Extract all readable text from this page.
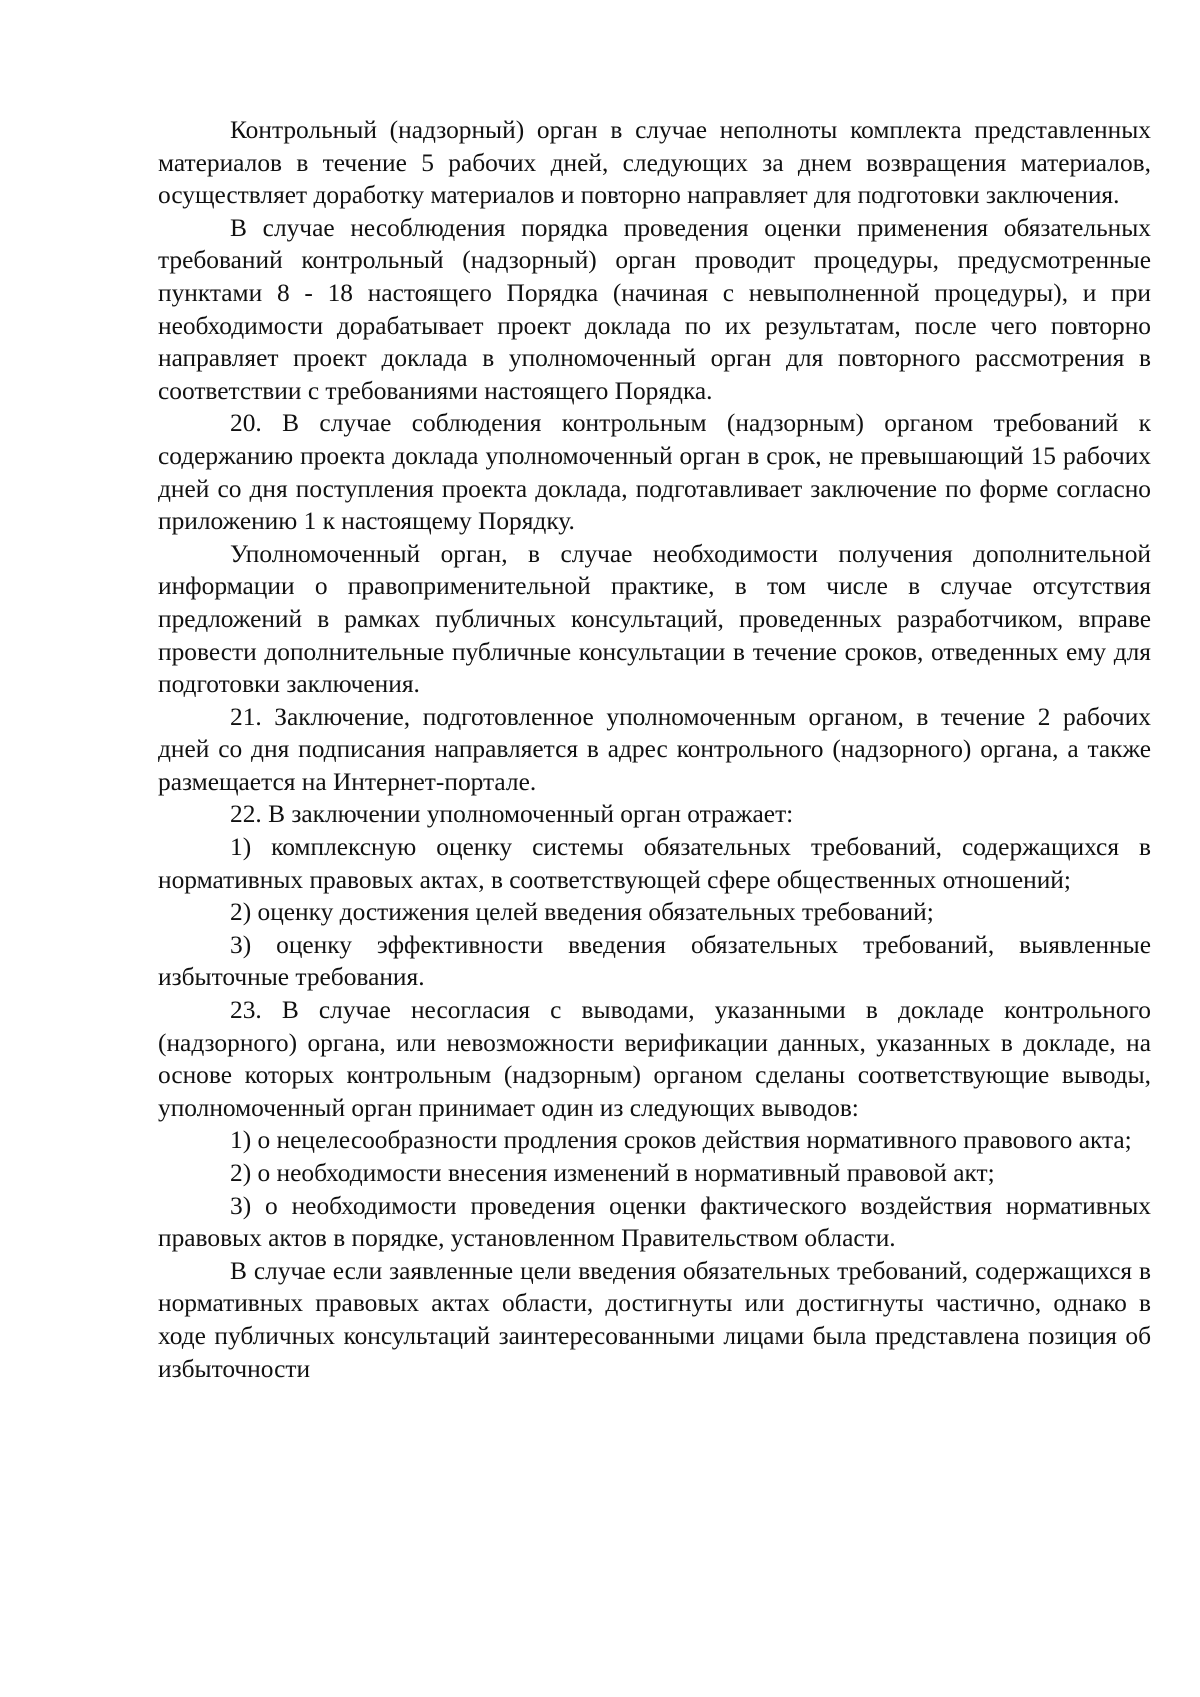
Контрольный (надзорный) орган в случае неполноты комплекта представленных материалов в течение 5 рабочих дней, следующих за днем возвращения материалов, осуществляет доработку материалов и повторно направляет для подготовки заключения.

В случае несоблюдения порядка проведения оценки применения обязательных требований контрольный (надзорный) орган проводит процедуры, предусмотренные пунктами 8 - 18 настоящего Порядка (начиная с невыполненной процедуры), и при необходимости дорабатывает проект доклада по их результатам, после чего повторно направляет проект доклада в уполномоченный орган для повторного рассмотрения в соответствии с требованиями настоящего Порядка.

20. В случае соблюдения контрольным (надзорным) органом требований к содержанию проекта доклада уполномоченный орган в срок, не превышающий 15 рабочих дней со дня поступления проекта доклада, подготавливает заключение по форме согласно приложению 1 к настоящему Порядку.

Уполномоченный орган, в случае необходимости получения дополнительной информации о правоприменительной практике, в том числе в случае отсутствия предложений в рамках публичных консультаций, проведенных разработчиком, вправе провести дополнительные публичные консультации в течение сроков, отведенных ему для подготовки заключения.

21. Заключение, подготовленное уполномоченным органом, в течение 2 рабочих дней со дня подписания направляется в адрес контрольного (надзорного) органа, а также размещается на Интернет-портале.

22. В заключении уполномоченный орган отражает:

1) комплексную оценку системы обязательных требований, содержащихся в нормативных правовых актах, в соответствующей сфере общественных отношений;

2) оценку достижения целей введения обязательных требований;

3) оценку эффективности введения обязательных требований, выявленные избыточные требования.

23. В случае несогласия с выводами, указанными в докладе контрольного (надзорного) органа, или невозможности верификации данных, указанных в докладе, на основе которых контрольным (надзорным) органом сделаны соответствующие выводы, уполномоченный орган принимает один из следующих выводов:

1) о нецелесообразности продления сроков действия нормативного правового акта;

2) о необходимости внесения изменений в нормативный правовой акт;

3) о необходимости проведения оценки фактического воздействия нормативных правовых актов в порядке, установленном Правительством области.

В случае если заявленные цели введения обязательных требований, содержащихся в нормативных правовых актах области, достигнуты или достигнуты частично, однако в ходе публичных консультаций заинтересованными лицами была представлена позиция об избыточности
